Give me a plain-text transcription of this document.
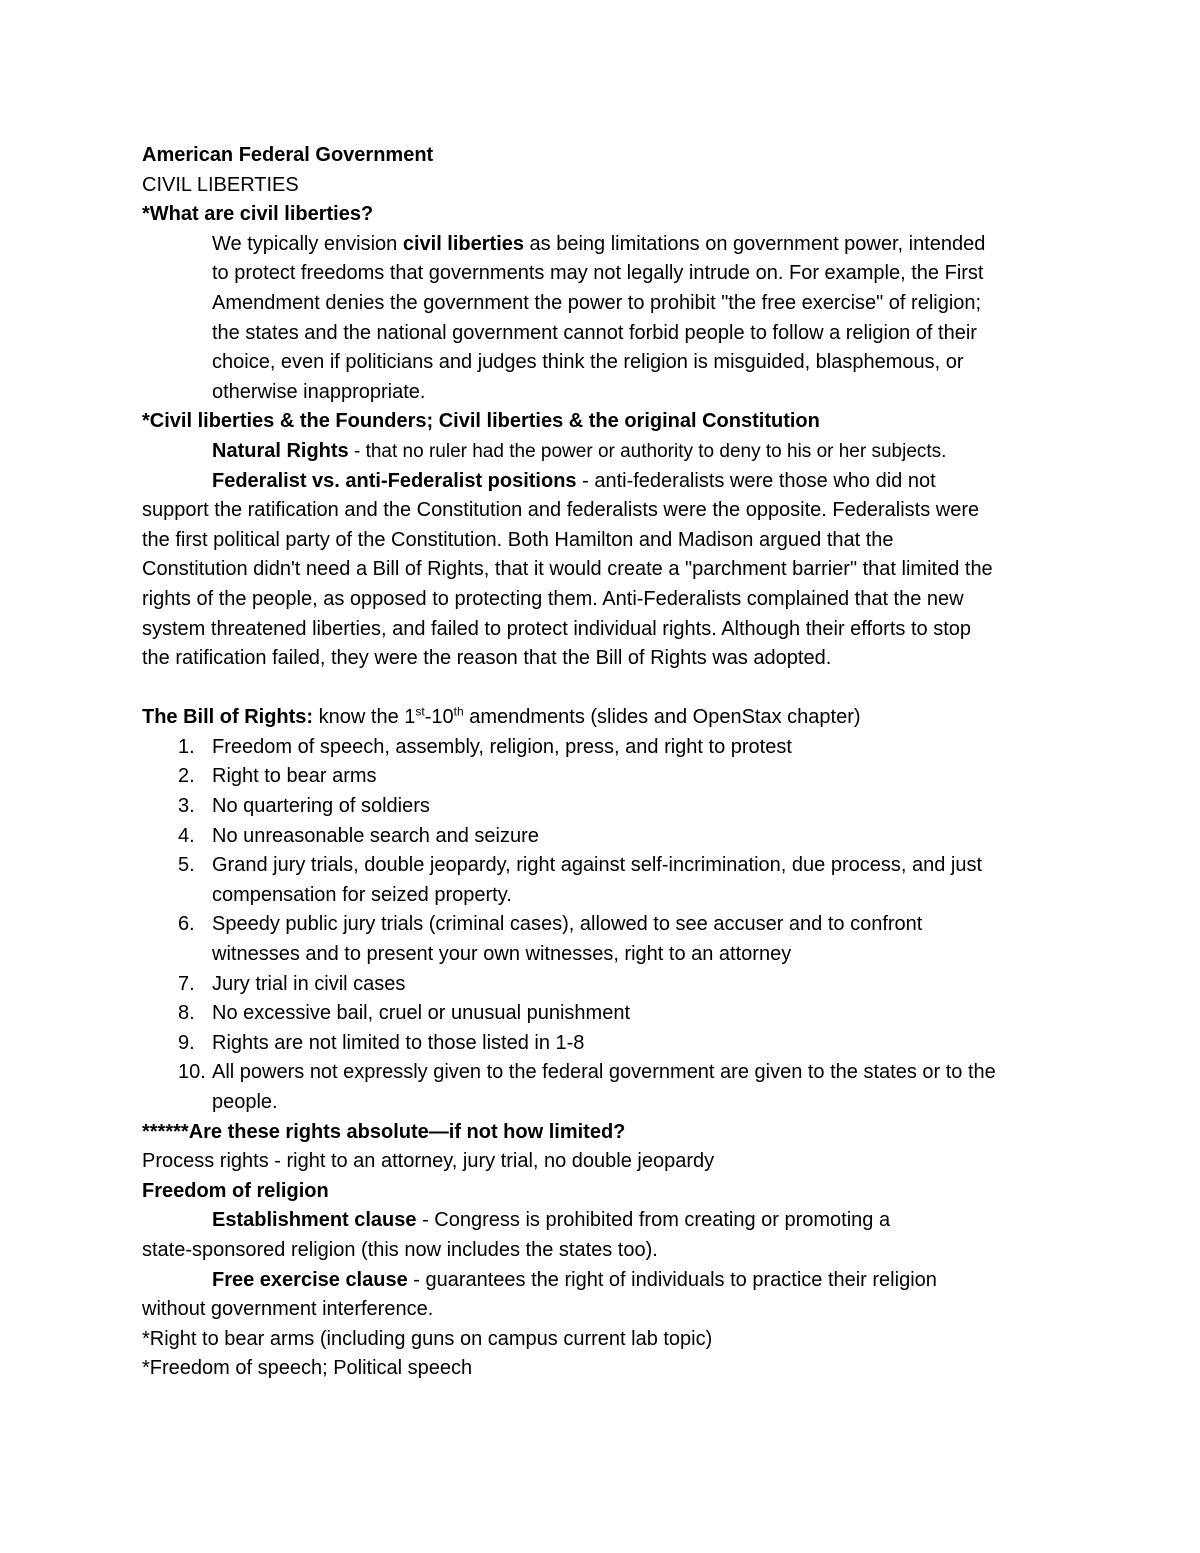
American Federal Government
CIVIL LIBERTIES
*What are civil liberties?
We typically envision civil liberties as being limitations on government power, intended
to protect freedoms that governments may not legally intrude on. For example, the First
Amendment denies the government the power to prohibit "the free exercise" of religion;
the states and the national government cannot forbid people to follow a religion of their
choice, even if politicians and judges think the religion is misguided, blasphemous, or
otherwise inappropriate.
*Civil liberties & the Founders; Civil liberties & the original Constitution
Natural Rights - that no ruler had the power or authority to deny to his or her subjects.
Federalist vs. anti-Federalist positions - anti-federalists were those who did not
support the ratification and the Constitution and federalists were the opposite. Federalists were
the first political party of the Constitution. Both Hamilton and Madison argued that the
Constitution didn't need a Bill of Rights, that it would create a "parchment barrier" that limited the
rights of the people, as opposed to protecting them. Anti-Federalists complained that the new
system threatened liberties, and failed to protect individual rights. Although their efforts to stop
the ratification failed, they were the reason that the Bill of Rights was adopted.
The Bill of Rights: know the 1st-10th amendments (slides and OpenStax chapter)
1. Freedom of speech, assembly, religion, press, and right to protest
2. Right to bear arms
3. No quartering of soldiers
4. No unreasonable search and seizure
5. Grand jury trials, double jeopardy, right against self-incrimination, due process, and just
compensation for seized property.
6. Speedy public jury trials (criminal cases), allowed to see accuser and to confront
witnesses and to present your own witnesses, right to an attorney
7. Jury trial in civil cases
8. No excessive bail, cruel or unusual punishment
9. Rights are not limited to those listed in 1-8
10. All powers not expressly given to the federal government are given to the states or to the
people.
******Are these rights absolute—if not how limited?
Process rights - right to an attorney, jury trial, no double jeopardy
Freedom of religion
Establishment clause - Congress is prohibited from creating or promoting a
state-sponsored religion (this now includes the states too).
Free exercise clause - guarantees the right of individuals to practice their religion
without government interference.
*Right to bear arms (including guns on campus current lab topic)
*Freedom of speech; Political speech
